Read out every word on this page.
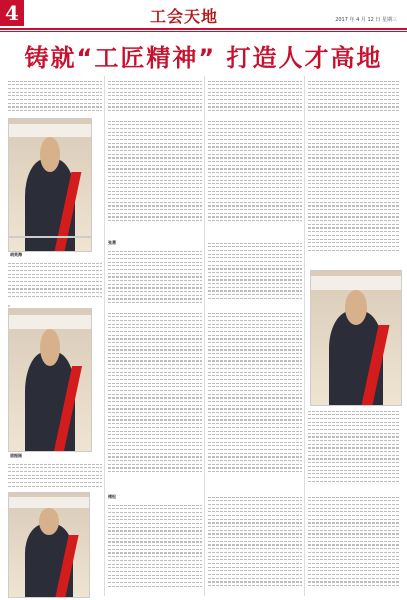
4	工会天地	2017 年 4 月 12 日 星期三
铸就“工匠精神” 打造人才高地
胡英海
张勇
屈振刚
褚松
